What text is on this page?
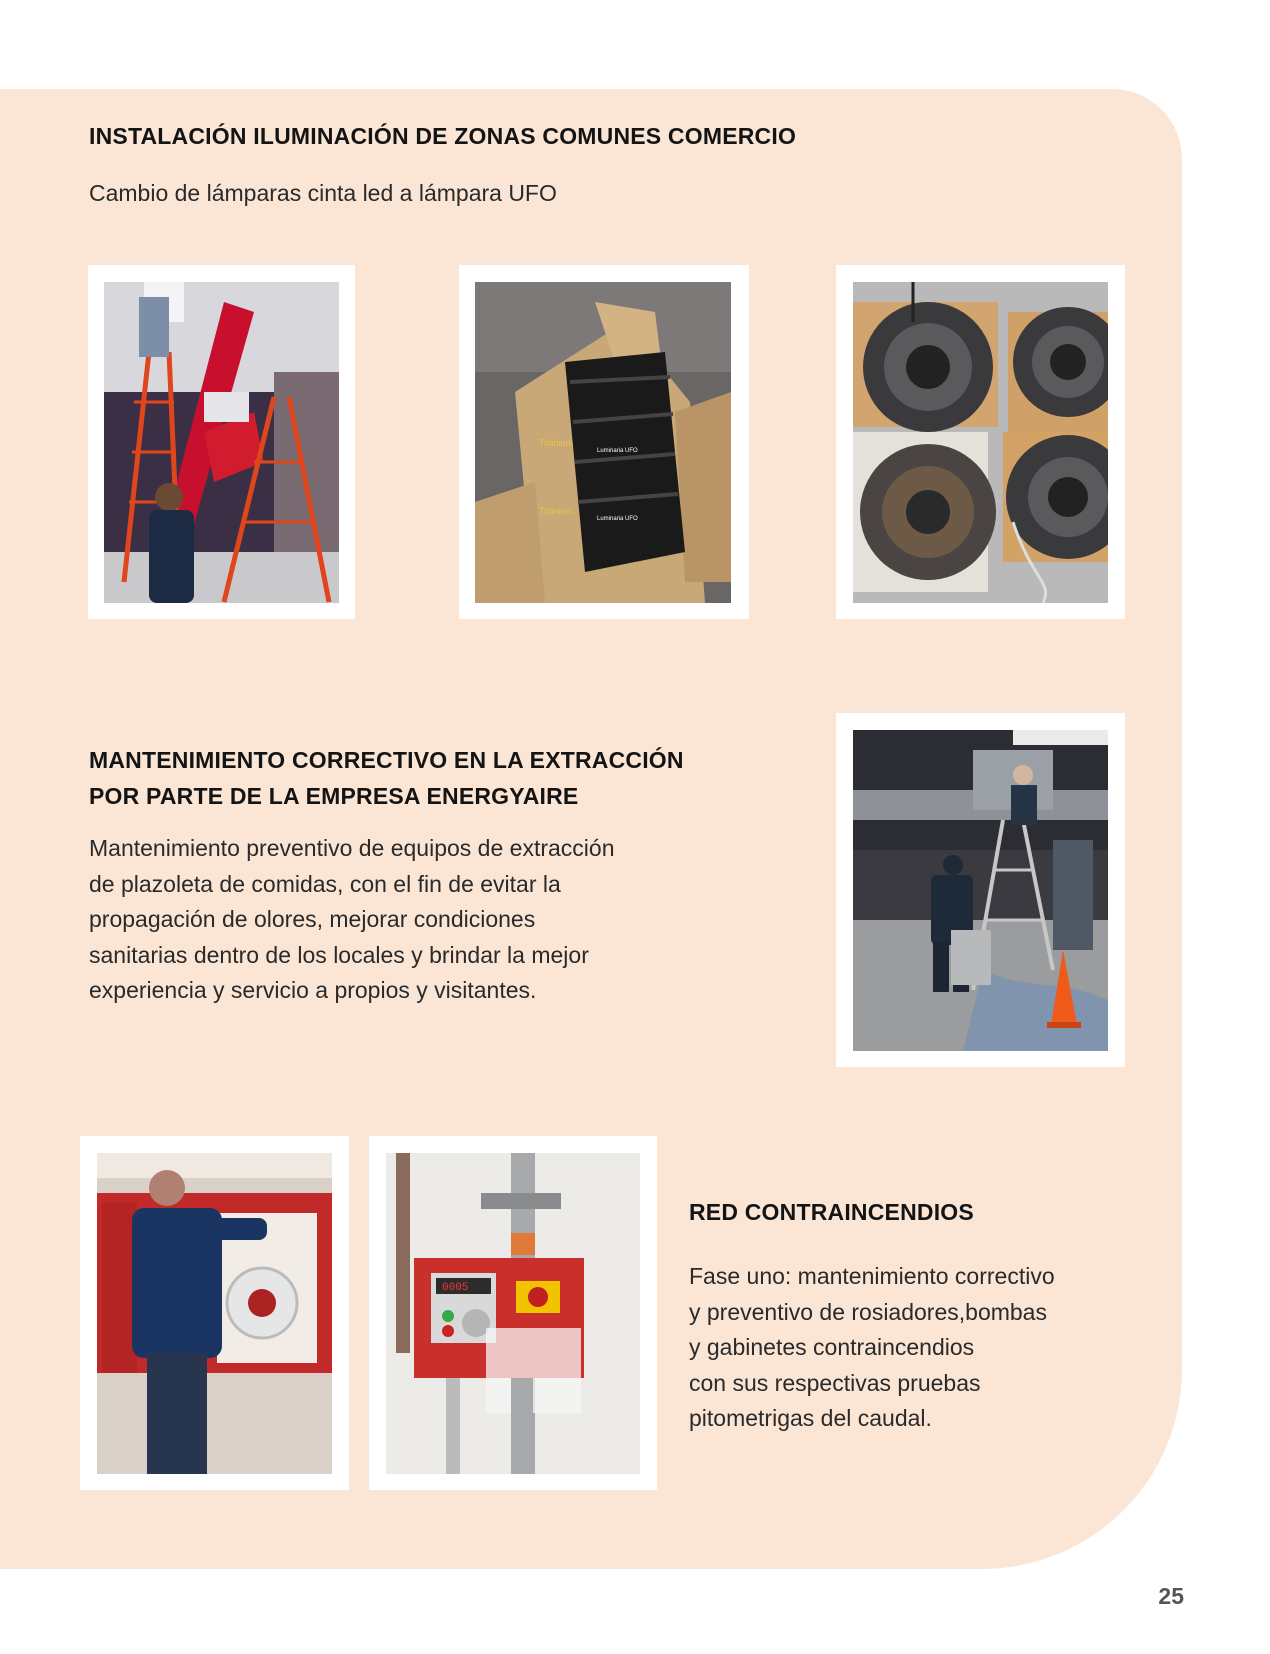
INSTALACIÓN ILUMINACIÓN DE ZONAS COMUNES COMERCIO

Cambio de lámparas cinta led a lámpara UFO

Titanium
Luminaria UFO
Titanium
Luminaria UFO
MANTENIMIENTO CORRECTIVO EN LA EXTRACCIÓN
POR PARTE DE LA EMPRESA ENERGYAIRE

Mantenimiento preventivo de equipos de extracción
de plazoleta de comidas, con el fin de evitar la
propagación de olores, mejorar condiciones
sanitarias dentro de los locales y brindar la mejor
experiencia y servicio a propios y visitantes.

0005
RED CONTRAINCENDIOS

Fase uno: mantenimiento correctivo
y preventivo de rosiadores,bombas
y gabinetes contraincendios
con sus respectivas pruebas
pitometrigas del caudal.

25
